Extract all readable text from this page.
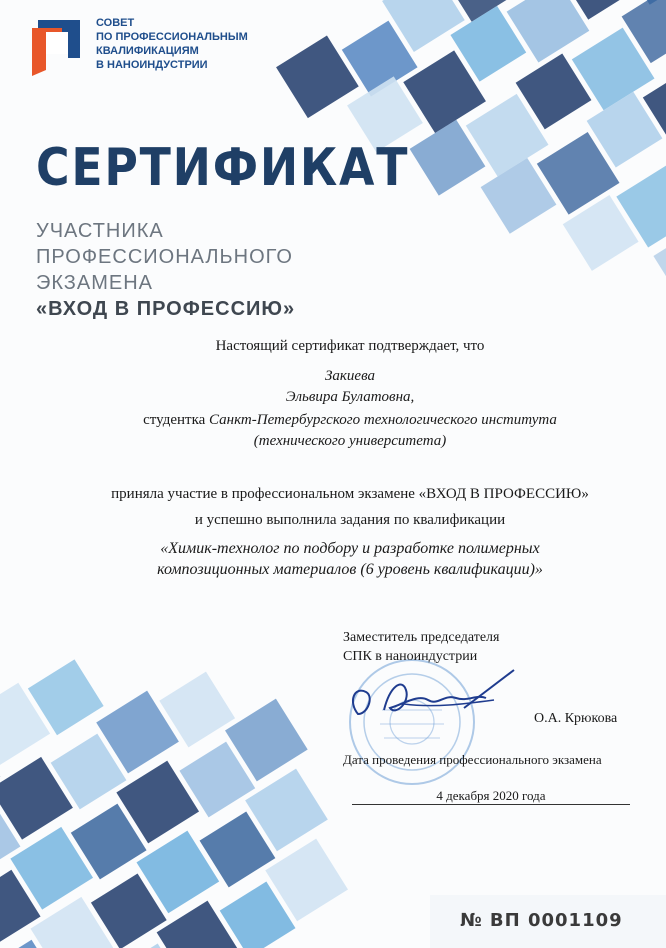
СОВЕТ
ПО ПРОФЕССИОНАЛЬНЫМ
КВАЛИФИКАЦИЯМ
В НАНОИНДУСТРИИ
СЕРТИФИКАТ
УЧАСТНИКА
ПРОФЕССИОНАЛЬНОГО
ЭКЗАМЕНА
«ВХОД В ПРОФЕССИЮ»
Настоящий сертификат подтверждает, что
Закиева
Эльвира Булатовна,
студентка Санкт-Петербургского технологического института
(технического университета)
приняла участие в профессиональном экзамене «ВХОД В ПРОФЕССИЮ»
и успешно выполнила задания по квалификации
«Химик-технолог по подбору и разработке полимерных
композиционных материалов (6 уровень квалификации)»
Заместитель председателя
СПК в наноиндустрии
О.А. Крюкова
Дата проведения профессионального экзамена
4 декабря 2020 года
№ ВП 0001109
